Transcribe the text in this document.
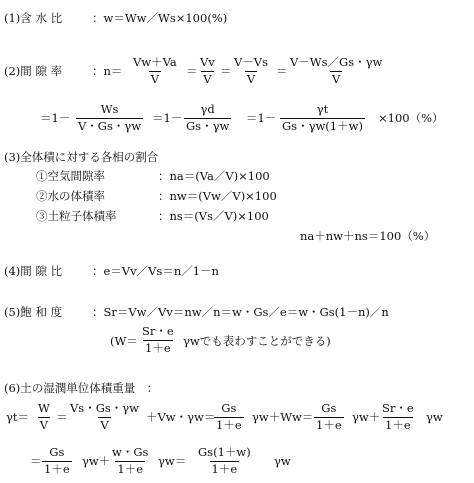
(1)含 水 比	：w＝Ww／Ws×100(%)
(2)間 隙 率	：$n= \frac{Vw+Va}{V} = \frac{Vv}{V} = \frac{V-Vs}{V} = \frac{V-Ws/Gs・\gamma w}{V}$
$=1- \frac{Ws}{V・Gs・\gamma w} =1- \frac{\gamma d}{Gs・\gamma w} =1- \frac{\gamma t}{Gs・\gamma w(1+w)} \times 100(\%)$
(3)全体積に対する各相の割合
①空気間隙率	：na＝(Va／V)×100
②水の体積率	：nw＝(Vw／V)×100
③土粒子体積率	：ns＝(Vs／V)×100
na＋nw＋ns＝100（%）
(4)間 隙 比	：e＝Vv／Vs＝n／1－n
(5)飽 和 度	：Sr＝Vw／Vv＝nw／n＝w・Gs／e＝w・Gs(1－n)／n
($W= \frac{Sr・e}{1+e}$ γwでも表わすことができる)
(6)土の湿潤単位体積重量　：
$\gamma t= \frac{W}{V} = \frac{Vs・Gs・\gamma w}{V} +Vw$・γw＝
$\frac{Gs}{1+e} \gamma w+Ww= \frac{Gs}{1+e} \gamma w+ \frac{Sr・e}{1+e}$ γw
＝ $\frac{Gs}{1+e} \gamma w+ \frac{w・Gs}{1+e} \gamma w= \frac{Gs(1+w)}{1+e}$ γw
